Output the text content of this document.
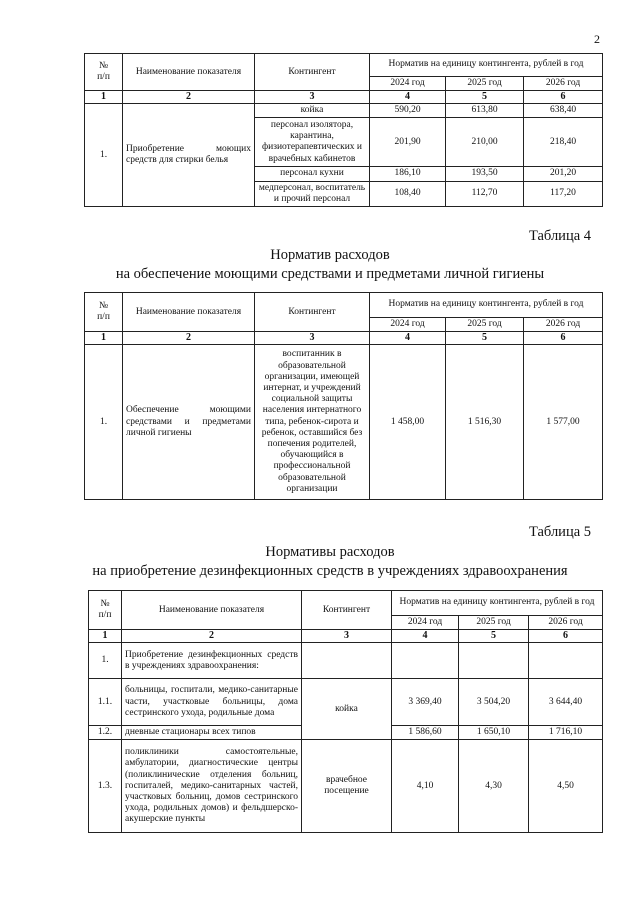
2
№
п/п	Наименование показателя	Контингент	Норматив на единицу контингента, рублей в год		
			2024 год	2025 год	2026 год
1	2	3	4	5	6
1.	Приобретение моющих средств для стирки белья	койка	590,20	613,80	638,40
		персонал изолятора, карантина, физиотерапевтических и врачебных кабинетов	201,90	210,00	218,40
		персонал кухни	186,10	193,50	201,20
		медперсонал, воспитатель и прочий персонал	108,40	112,70	117,20
Таблица 4
Норматив расходов
на обеспечение моющими средствами и предметами личной гигиены
№
п/п	Наименование показателя	Контингент	Норматив на единицу контингента, рублей в год		
			2024 год	2025 год	2026 год
1	2	3	4	5	6
1.	Обеспечение моющими средствами и предметами личной гигиены	воспитанник в образовательной организации, имеющей интернат, и учреждений социальной защиты населения интернатного типа, ребенок-сирота и ребенок, оставшийся без попечения родителей, обучающийся в профессиональной образовательной организации	1 458,00	1 516,30	1 577,00
Таблица 5
Нормативы расходов
на приобретение дезинфекционных средств в учреждениях здравоохранения
№
п/п	Наименование показателя	Контингент	Норматив на единицу контингента, рублей в год		
			2024 год	2025 год	2026 год
1	2	3	4	5	6
1.	Приобретение дезинфекционных средств в учреждениях здравоохранения:				
1.1.	больницы, госпитали, медико-санитарные части, участковые больницы, дома сестринского ухода, родильные дома	койка	3 369,40	3 504,20	3 644,40
1.2.	дневные стационары всех типов		1 586,60	1 650,10	1 716,10
1.3.	поликлиники самостоятельные, амбулатории, диагностические центры (поликлинические отделения больниц, госпиталей, медико-санитарных частей, участковых больниц, домов сестринского ухода, родильных домов) и фельдшерско-акушерские пункты	врачебное посещение	4,10	4,30	4,50
